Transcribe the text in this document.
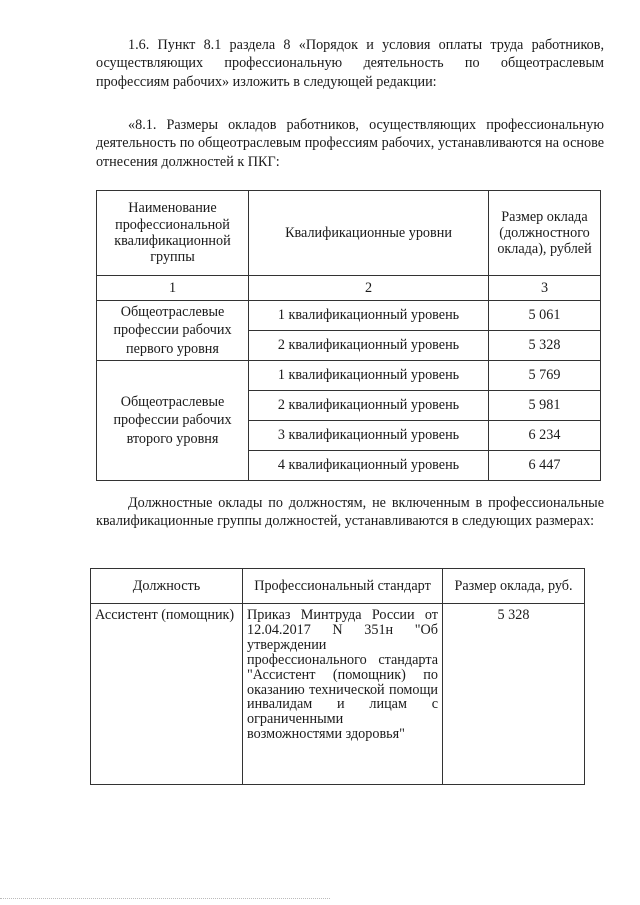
1.6. Пункт 8.1 раздела 8 «Порядок и условия оплаты труда работников, осуществляющих профессиональную деятельность по общеотраслевым профессиям рабочих» изложить в следующей редакции:

«8.1. Размеры окладов работников, осуществляющих профессиональную деятельность по общеотраслевым профессиям рабочих, устанавливаются на основе отнесения должностей к ПКГ:

Наименование профессиональной квалификационной группы	Квалификационные уровни	Размер оклада (должностного оклада), рублей
1	2	3
Общеотраслевые профессии рабочих первого уровня	1 квалификационный уровень	5 061
	2 квалификационный уровень	5 328
Общеотраслевые профессии рабочих второго уровня	1 квалификационный уровень	5 769
	2 квалификационный уровень	5 981
	3 квалификационный уровень	6 234
	4 квалификационный уровень	6 447

Должностные оклады по должностям, не включенным в профессиональные квалификационные группы должностей, устанавливаются в следующих размерах:

Должность	Профессиональный стандарт	Размер оклада, руб.
Ассистент (помощник)	Приказ Минтруда России от 12.04.2017 N 351н "Об утверждении профессионального стандарта "Ассистент (помощник) по оказанию технической помощи инвалидам и лицам с ограниченными возможностями здоровья"	5 328
